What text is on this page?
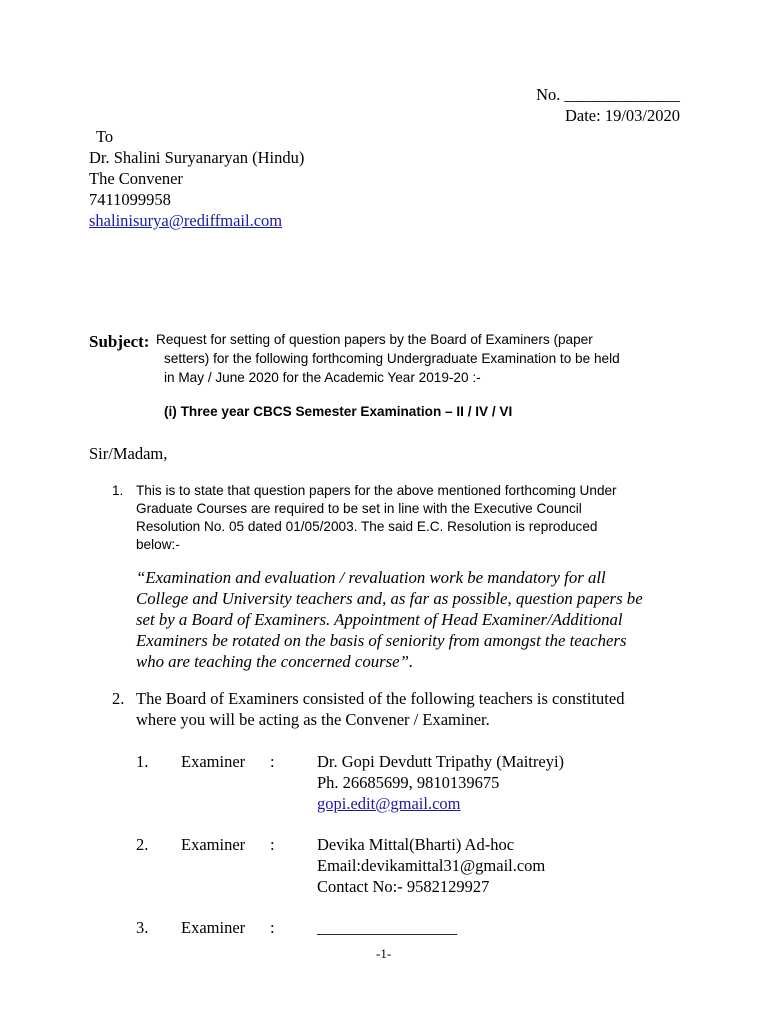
No. ______________
Date: 19/03/2020
To
Dr. Shalini Suryanaryan (Hindu)
The Convener
7411099958
shalinisurya@rediffmail.com
Subject: Request for setting of question papers by the Board of Examiners (paper
setters) for the following forthcoming Undergraduate Examination to be held
in May / June 2020 for the Academic Year 2019-20 :-
(i) Three year CBCS Semester Examination – II / IV / VI
Sir/Madam,
1. This is to state that question papers for the above mentioned forthcoming Under
Graduate Courses are required to be set in line with the Executive Council
Resolution No. 05 dated 01/05/2003. The said E.C. Resolution is reproduced
below:-
“Examination and evaluation / revaluation work be mandatory for all
College and University teachers and, as far as possible, question papers be
set by a Board of Examiners. Appointment of Head Examiner/Additional
Examiners be rotated on the basis of seniority from amongst the teachers
who are teaching the concerned course”.
2. The Board of Examiners consisted of the following teachers is constituted
where you will be acting as the Convener / Examiner.
1. Examiner :	Dr. Gopi Devdutt Tripathy (Maitreyi)
Ph. 26685699, 9810139675
gopi.edit@gmail.com
2. Examiner :	Devika Mittal(Bharti) Ad-hoc
Email:devikamittal31@gmail.com
Contact No:- 9582129927
3. Examiner :	_________________
-1-
